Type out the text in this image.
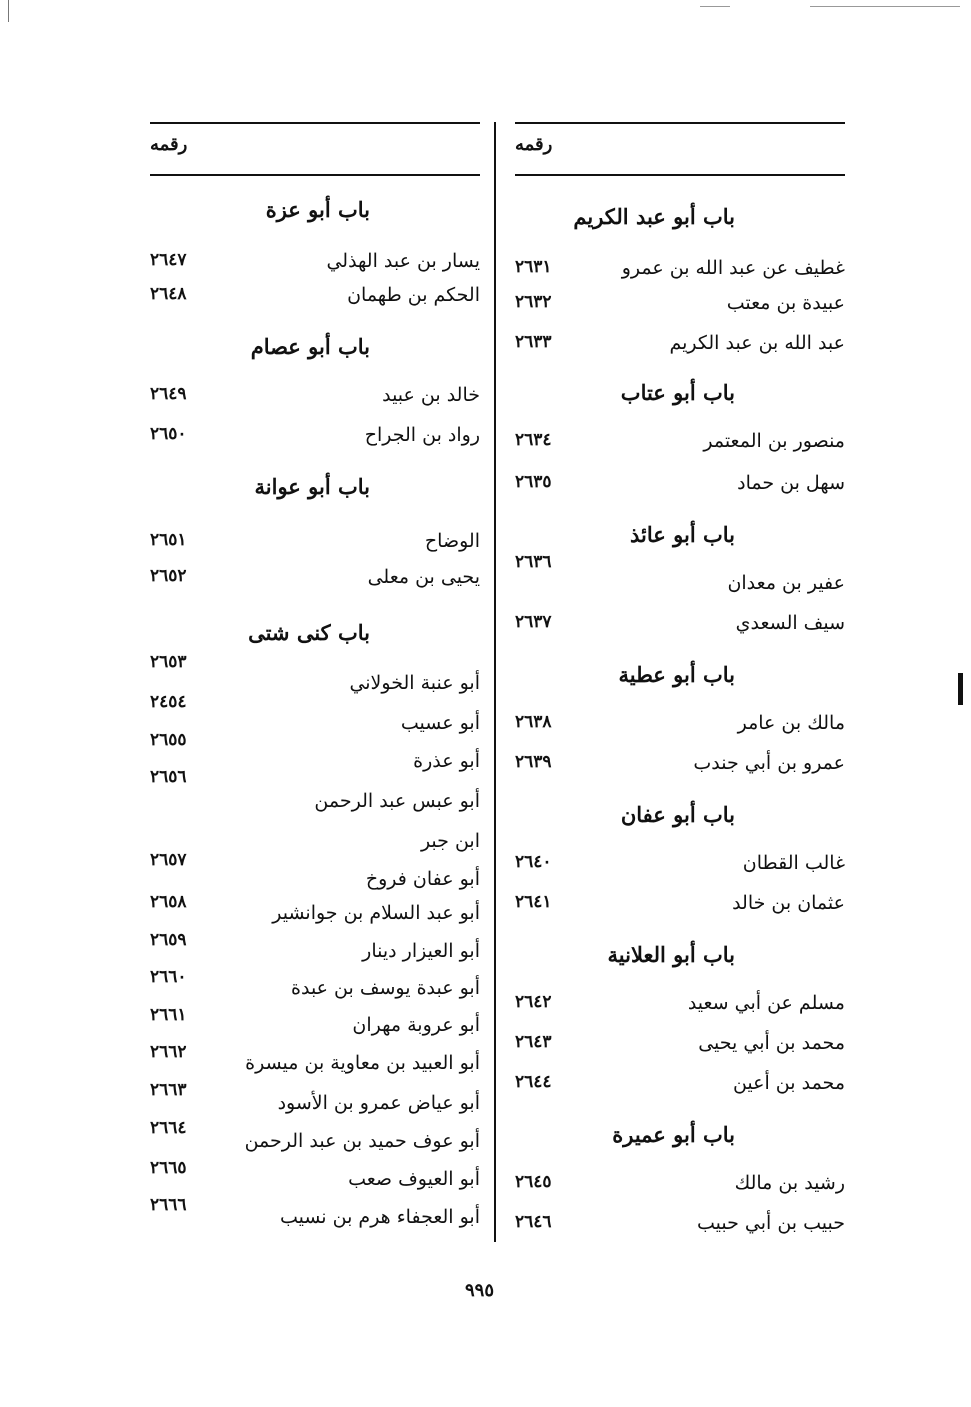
رقمه
باب أبو عبد الكريم
غطيف عن عبد الله بن عمرو
٢٦٣١
عبيدة بن معتب
٢٦٣٢
عبد الله بن عبد الكريم
٢٦٣٣
باب أبو عتاب
منصور بن المعتمر
٢٦٣٤
سهل بن حماد
٢٦٣٥
باب أبو عائذ
عفير بن معدان
٢٦٣٦
سيف السعدي
٢٦٣٧
باب أبو عطية
مالك بن عامر
٢٦٣٨
عمرو بن أبي جندب
٢٦٣٩
باب أبو عفان
غالب القطان
٢٦٤٠
عثمان بن خالد
٢٦٤١
باب أبو العلانية
مسلم عن أبي سعيد
٢٦٤٢
محمد بن أبي يحيى
٢٦٤٣
محمد بن أعين
٢٦٤٤
باب أبو عميرة
رشيد بن مالك
٢٦٤٥
حبيب بن أبي حبيب
٢٦٤٦
رقمه
باب أبو عزة
يسار بن عبد الهذلي
٢٦٤٧
الحكم بن طهمان
٢٦٤٨
باب أبو عصام
خالد بن عبيد
٢٦٤٩
رواد بن الجراح
٢٦٥٠
باب أبو عوانة
الوضاح
٢٦٥١
يحيى بن معلى
٢٦٥٢
باب كنى شتى
أبو عنبة الخولاني
٢٦٥٣
أبو عسيب
٢٤٥٤
أبو عذرة
٢٦٥٥
أبو عبس عبد الرحمن
٢٦٥٦
ابن جبر
أبو عفان فروخ
٢٦٥٧
أبو عبد السلام بن جوانشير
٢٦٥٨
أبو العيزار دينار
٢٦٥٩
أبو عبدة يوسف بن عبدة
٢٦٦٠
أبو عروبة مهران
٢٦٦١
أبو العبيد بن معاوية بن ميسرة
٢٦٦٢
أبو عياض عمرو بن الأسود
٢٦٦٣
أبو عوف حميد بن عبد الرحمن
٢٦٦٤
أبو العيوف صعب
٢٦٦٥
أبو العجفاء هرم بن نسيب
٢٦٦٦
٩٩٥
